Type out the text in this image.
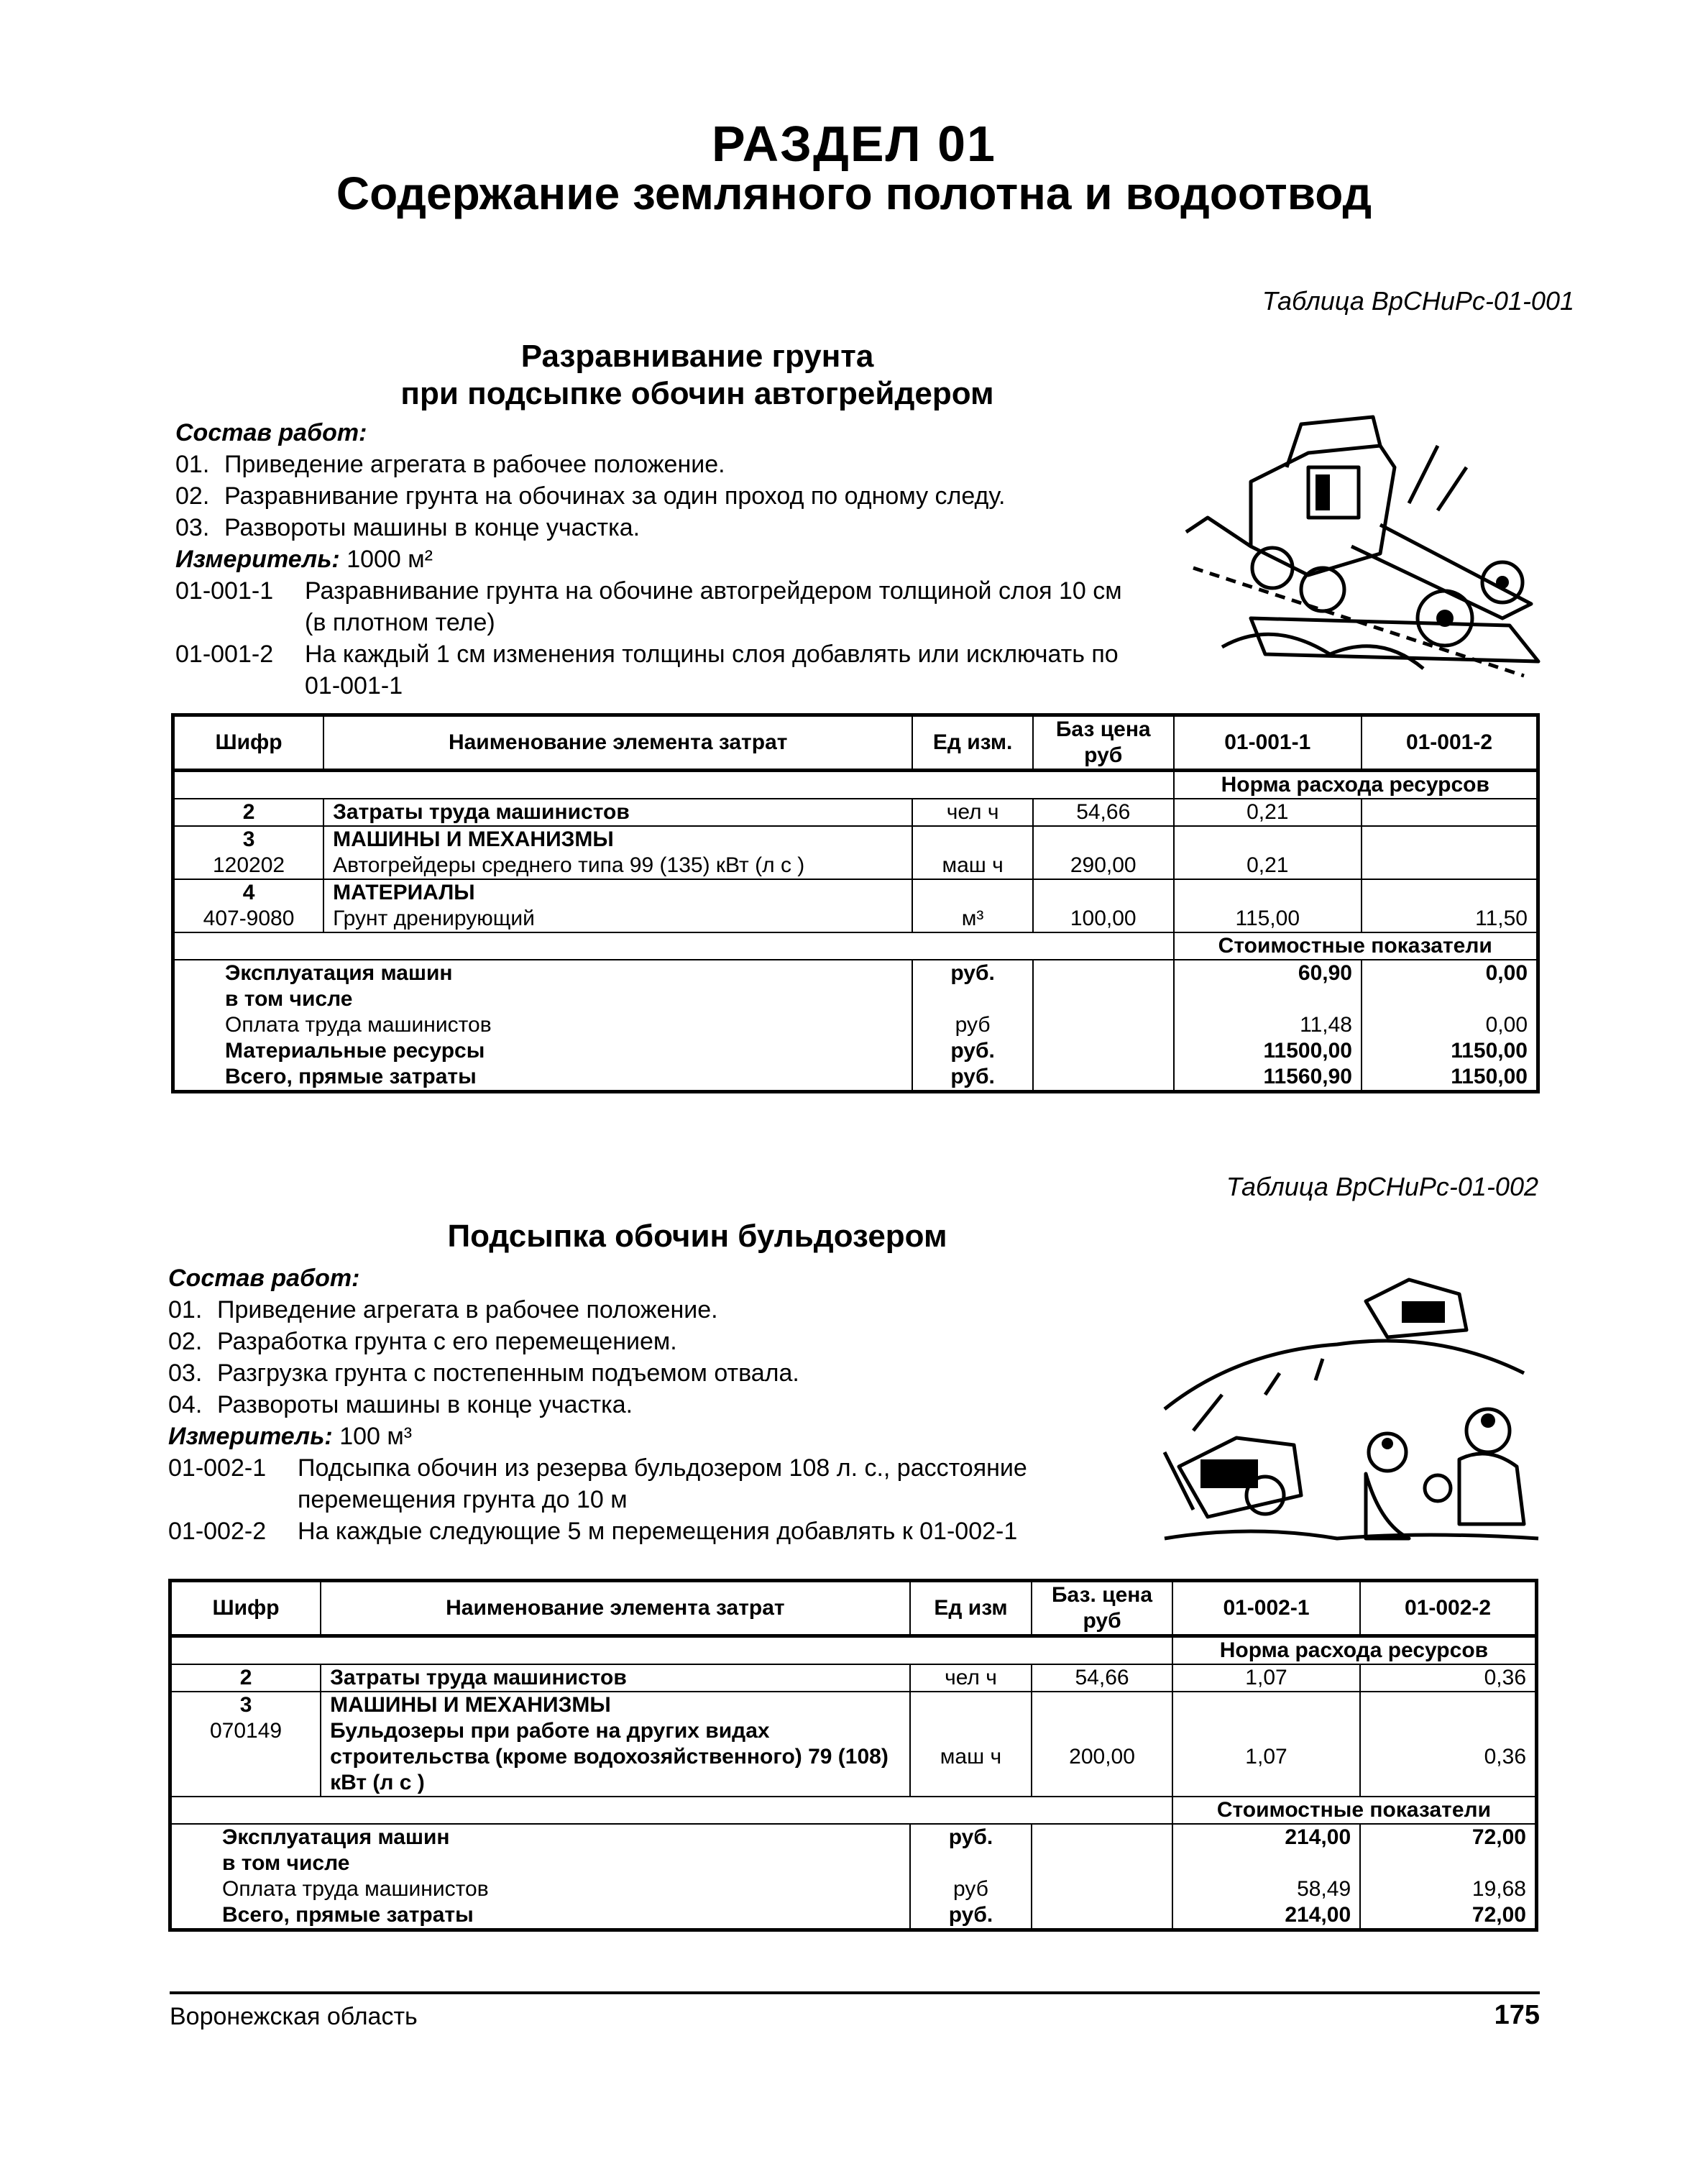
РАЗДЕЛ 01
Содержание земляного полотна и водоотвод
Таблица ВрСНиРс-01-001
Разравнивание грунта
при подсыпке обочин автогрейдером
Состав работ:
01. Приведение агрегата в рабочее положение.
02. Разравнивание грунта на обочинах за один проход по одному следу.
03. Развороты машины в конце участка.
Измеритель: 1000 м²
01-001-1	Разравнивание грунта на обочине автогрейдером толщиной слоя 10 см (в плотном теле)
01-001-2	На каждый 1 см изменения толщины слоя добавлять или исключать по 01-001-1
Шифр	Наименование элемента затрат	Ед изм.	Баз цена руб	01-001-1	01-001-2
				Норма расхода ресурсов	
2	Затраты труда машинистов	чел ч	54,66	0,21	
3	МАШИНЫ И МЕХАНИЗМЫ				
120202	Автогрейдеры среднего типа 99 (135) кВт (л с )	маш ч	290,00	0,21	
4	МАТЕРИАЛЫ				
407-9080	Грунт дренирующий	м³	100,00	115,00	11,50
				Стоимостные показатели	
Эксплуатация машин		руб.		60,90	0,00
в том числе					
Оплата труда машинистов		руб		11,48	0,00
Материальные ресурсы		руб.		11500,00	1150,00
Всего, прямые затраты		руб.		11560,90	1150,00
Таблица ВрСНиРс-01-002
Подсыпка обочин бульдозером
Состав работ:
01. Приведение агрегата в рабочее положение.
02. Разработка грунта с его перемещением.
03. Разгрузка грунта с постепенным подъемом отвала.
04. Развороты машины в конце участка.
Измеритель: 100 м³
01-002-1	Подсыпка обочин из резерва бульдозером 108 л. с., расстояние перемещения грунта до 10 м
01-002-2	На каждые следующие 5 м перемещения добавлять к 01-002-1
Шифр	Наименование элемента затрат	Ед изм	Баз. цена руб	01-002-1	01-002-2
				Норма расхода ресурсов	
2	Затраты труда машинистов	чел ч	54,66	1,07	0,36
3	МАШИНЫ И МЕХАНИЗМЫ				
070149	Бульдозеры при работе на других видах строительства (кроме водохозяйственного) 79 (108) кВт (л с )	маш ч	200,00	1,07	0,36
				Стоимостные показатели	
Эксплуатация машин		руб.		214,00	72,00
в том числе					
Оплата труда машинистов		руб		58,49	19,68
Всего, прямые затраты		руб.		214,00	72,00
Воронежская область	175
